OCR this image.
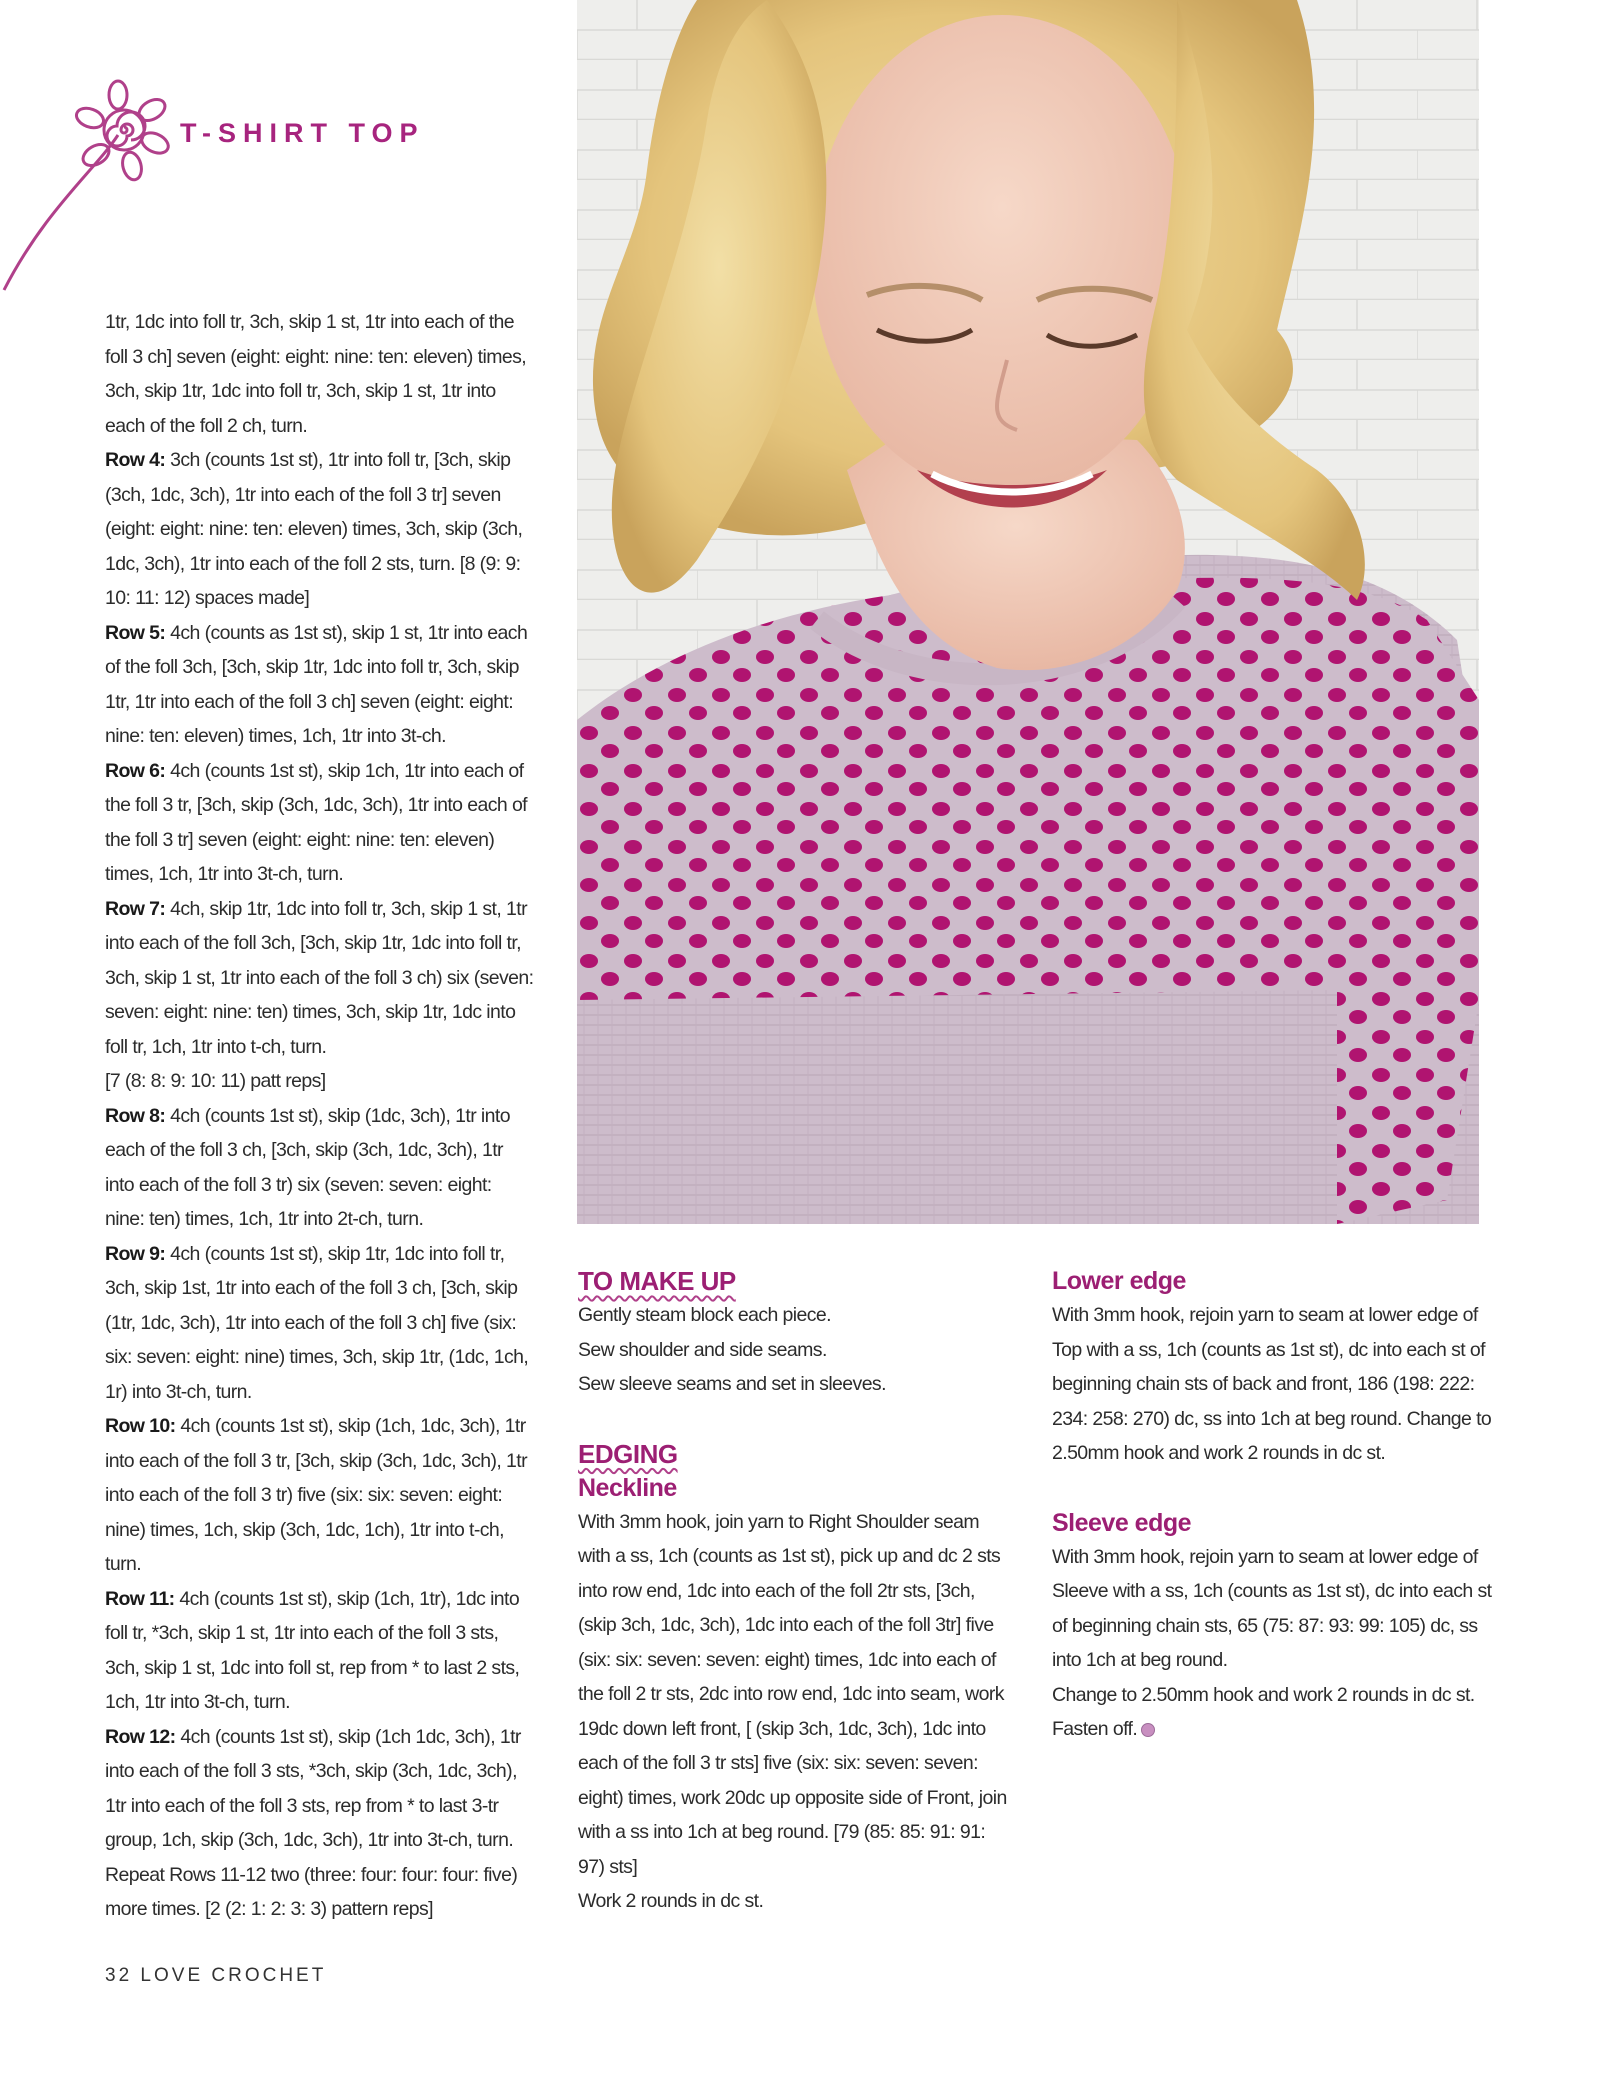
T-SHIRT TOP

1tr, 1dc into foll tr, 3ch, skip 1 st, 1tr into each of the foll 3 ch] seven (eight: eight: nine: ten: eleven) times, 3ch, skip 1tr, 1dc into foll tr, 3ch, skip 1 st, 1tr into each of the foll 2 ch, turn.

Row 4: 3ch (counts 1st st), 1tr into foll tr, [3ch, skip (3ch, 1dc, 3ch), 1tr into each of the foll 3 tr] seven (eight: eight: nine: ten: eleven) times, 3ch, skip (3ch, 1dc, 3ch), 1tr into each of the foll 2 sts, turn. [8 (9: 9: 10: 11: 12) spaces made]

Row 5: 4ch (counts as 1st st), skip 1 st, 1tr into each of the foll 3ch, [3ch, skip 1tr, 1dc into foll tr, 3ch, skip 1tr, 1tr into each of the foll 3 ch] seven (eight: eight: nine: ten: eleven) times, 1ch, 1tr into 3t-ch.

Row 6: 4ch (counts 1st st), skip 1ch, 1tr into each of the foll 3 tr, [3ch, skip (3ch, 1dc, 3ch), 1tr into each of the foll 3 tr] seven (eight: eight: nine: ten: eleven) times, 1ch, 1tr into 3t-ch, turn.

Row 7: 4ch, skip 1tr, 1dc into foll tr, 3ch, skip 1 st, 1tr into each of the foll 3ch, [3ch, skip 1tr, 1dc into foll tr, 3ch, skip 1 st, 1tr into each of the foll 3 ch) six (seven: seven: eight: nine: ten) times, 3ch, skip 1tr, 1dc into foll tr, 1ch, 1tr into t-ch, turn.

[7 (8: 8: 9: 10: 11) patt reps]

Row 8: 4ch (counts 1st st), skip (1dc, 3ch), 1tr into each of the foll 3 ch, [3ch, skip (3ch, 1dc, 3ch), 1tr into each of the foll 3 tr) six (seven: seven: eight: nine: ten) times, 1ch, 1tr into 2t-ch, turn.

Row 9: 4ch (counts 1st st), skip 1tr, 1dc into foll tr, 3ch, skip 1st, 1tr into each of the foll 3 ch, [3ch, skip (1tr, 1dc, 3ch), 1tr into each of the foll 3 ch] five (six: six: seven: eight: nine) times, 3ch, skip 1tr, (1dc, 1ch, 1r) into 3t-ch, turn.

Row 10: 4ch (counts 1st st), skip (1ch, 1dc, 3ch), 1tr into each of the foll 3 tr, [3ch, skip (3ch, 1dc, 3ch), 1tr into each of the foll 3 tr) five (six: six: seven: eight: nine) times, 1ch, skip (3ch, 1dc, 1ch), 1tr into t-ch, turn.

Row 11: 4ch (counts 1st st), skip (1ch, 1tr), 1dc into foll tr, *3ch, skip 1 st, 1tr into each of the foll 3 sts, 3ch, skip 1 st, 1dc into foll st, rep from * to last 2 sts, 1ch, 1tr into 3t-ch, turn.

Row 12: 4ch (counts 1st st), skip (1ch 1dc, 3ch), 1tr into each of the foll 3 sts, *3ch, skip (3ch, 1dc, 3ch), 1tr into each of the foll 3 sts, rep from * to last 3-tr group, 1ch, skip (3ch, 1dc, 3ch), 1tr into 3t-ch, turn. Repeat Rows 11-12 two (three: four: four: four: five) more times. [2 (2: 1: 2: 3: 3) pattern reps]

TO MAKE UP

Gently steam block each piece.

Sew shoulder and side seams.

Sew sleeve seams and set in sleeves.

EDGING
Neckline

With 3mm hook, join yarn to Right Shoulder seam with a ss, 1ch (counts as 1st st), pick up and dc 2 sts into row end, 1dc into each of the foll 2tr sts, [3ch, (skip 3ch, 1dc, 3ch), 1dc into each of the foll 3tr] five (six: six: seven: seven: eight) times, 1dc into each of the foll 2 tr sts, 2dc into row end, 1dc into seam, work 19dc down left front, [ (skip 3ch, 1dc, 3ch), 1dc into each of the foll 3 tr sts] five (six: six: seven: seven: eight) times, work 20dc up opposite side of Front, join with a ss into 1ch at beg round. [79 (85: 85: 91: 91: 97) sts]

Work 2 rounds in dc st.

Lower edge

With 3mm hook, rejoin yarn to seam at lower edge of Top with a ss, 1ch (counts as 1st st), dc into each st of beginning chain sts of back and front, 186 (198: 222: 234: 258: 270) dc, ss into 1ch at beg round. Change to 2.50mm hook and work 2 rounds in dc st.

Sleeve edge

With 3mm hook, rejoin yarn to seam at lower edge of Sleeve with a ss, 1ch (counts as 1st st), dc into each st of beginning chain sts, 65 (75: 87: 93: 99: 105) dc, ss into 1ch at beg round.

Change to 2.50mm hook and work 2 rounds in dc st. Fasten off.

32 LOVE CROCHET
